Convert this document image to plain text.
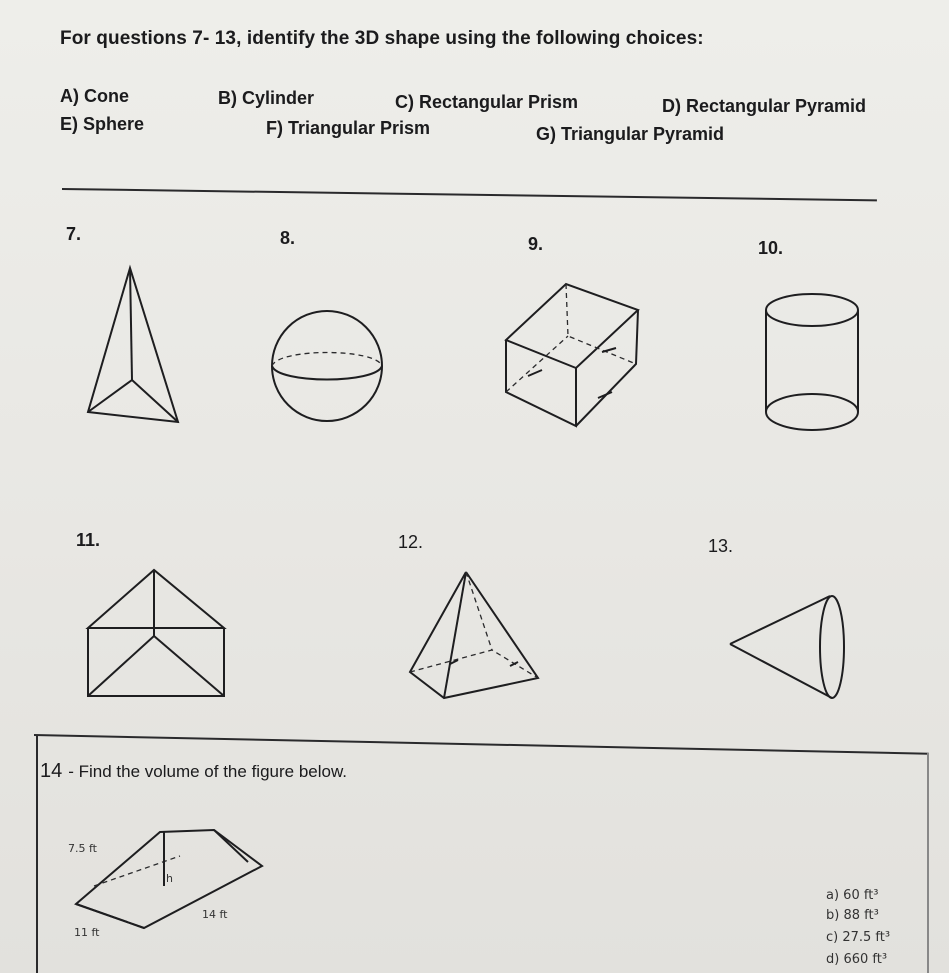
For questions 7- 13, identify the 3D shape using the following choices:
A) Cone	B) Cylinder	C) Rectangular Prism	D) Rectangular Pyramid
E) Sphere	F) Triangular Prism	G) Triangular Pyramid
7.	8.	9.	10.
11.	12.	13.
14 - Find the volume of the figure below.
7.5 ft
h
14 ft
11 ft
a) 60 ft³
b) 88 ft³
c) 27.5 ft³
d) 660 ft³
